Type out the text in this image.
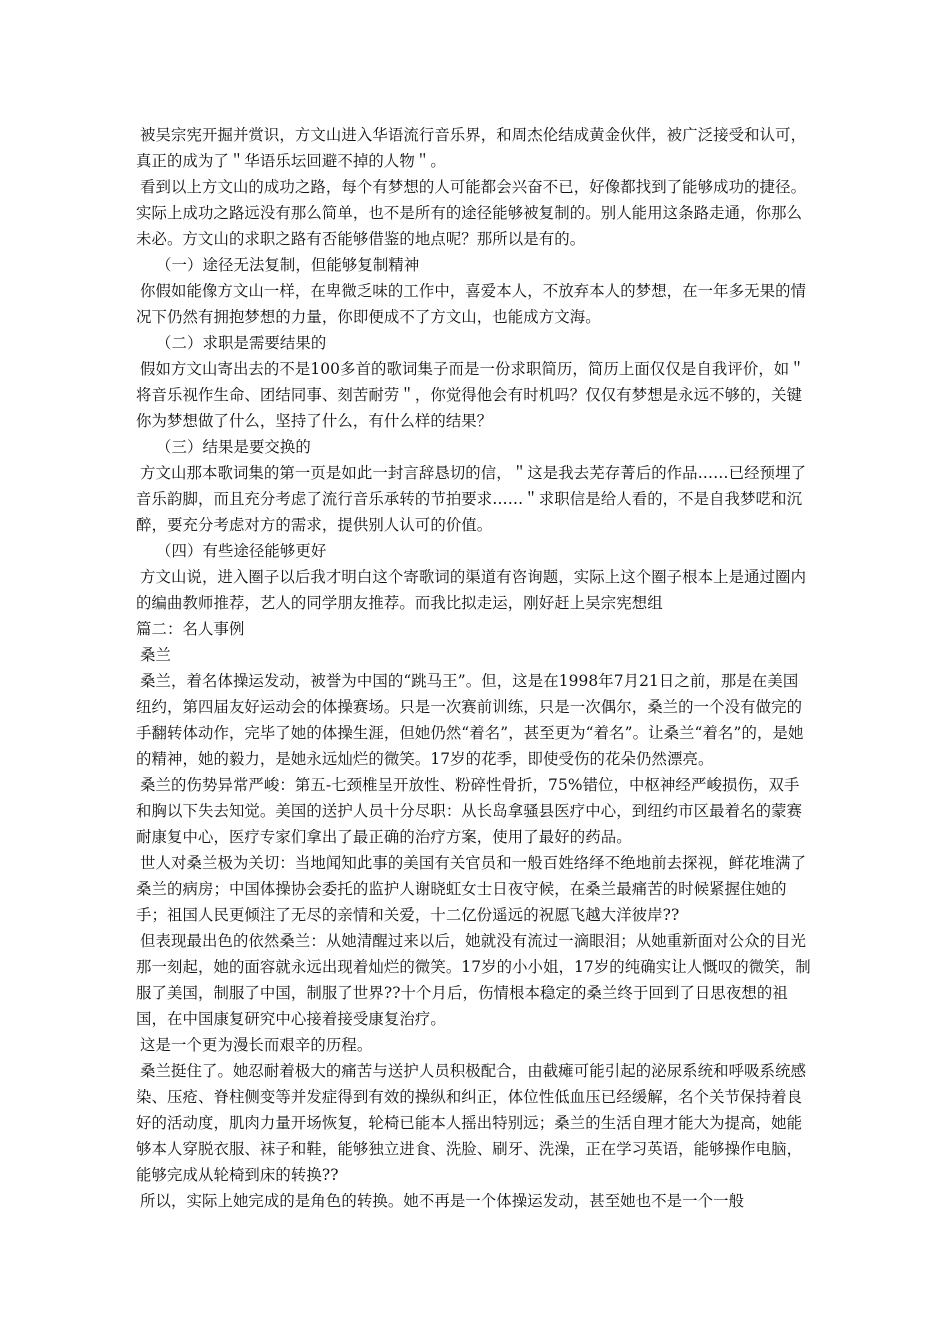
被吴宗宪开掘并赏识，方文山进入华语流行音乐界，和周杰伦结成黄金伙伴，被广泛接受和认可，真正的成为了＂华语乐坛回避不掉的人物＂。

看到以上方文山的成功之路，每个有梦想的人可能都会兴奋不已，好像都找到了能够成功的捷径。实际上成功之路远没有那么简单，也不是所有的途径能够被复制的。别人能用这条路走通，你那么未必。方文山的求职之路有否能够借鉴的地点呢？那所以是有的。

（一）途径无法复制，但能够复制精神

你假如能像方文山一样，在卑微乏味的工作中，喜爱本人，不放弃本人的梦想，在一年多无果的情况下仍然有拥抱梦想的力量，你即便成不了方文山，也能成方文海。

（二）求职是需要结果的

假如方文山寄出去的不是100多首的歌词集子而是一份求职简历，简历上面仅仅是自我评价，如＂将音乐视作生命、团结同事、刻苦耐劳＂，你觉得他会有时机吗？仅仅有梦想是永远不够的，关键你为梦想做了什么，坚持了什么，有什么样的结果？

（三）结果是要交换的

方文山那本歌词集的第一页是如此一封言辞恳切的信，＂这是我去芜存菁后的作品……已经预埋了音乐韵脚，而且充分考虑了流行音乐承转的节拍要求……＂求职信是给人看的，不是自我梦呓和沉醉，要充分考虑对方的需求，提供别人认可的价值。

（四）有些途径能够更好

方文山说，进入圈子以后我才明白这个寄歌词的渠道有咨询题，实际上这个圈子根本上是通过圈内的编曲教师推荐，艺人的同学朋友推荐。而我比拟走运，刚好赶上吴宗宪想组

篇二：名人事例

桑兰

桑兰，着名体操运发动，被誉为中国的“跳马王”。但，这是在1998年7月21日之前，那是在美国纽约，第四届友好运动会的体操赛场。只是一次赛前训练，只是一次偶尔，桑兰的一个没有做完的手翻转体动作，完毕了她的体操生涯，但她仍然“着名”，甚至更为“着名”。让桑兰“着名”的，是她的精神，她的毅力，是她永远灿烂的微笑。17岁的花季，即使受伤的花朵仍然漂亮。

桑兰的伤势异常严峻：第五-七颈椎呈开放性、粉碎性骨折，75%错位，中枢神经严峻损伤，双手和胸以下失去知觉。美国的送护人员十分尽职：从长岛拿骚县医疗中心，到纽约市区最着名的蒙赛耐康复中心，医疗专家们拿出了最正确的治疗方案，使用了最好的药品。

世人对桑兰极为关切：当地闻知此事的美国有关官员和一般百姓络绎不绝地前去探视，鲜花堆满了桑兰的病房；中国体操协会委托的监护人谢晓虹女士日夜守候，在桑兰最痛苦的时候紧握住她的手；祖国人民更倾注了无尽的亲情和关爱，十二亿份遥远的祝愿飞越大洋彼岸??

但表现最出色的依然桑兰：从她清醒过来以后，她就没有流过一滴眼泪；从她重新面对公众的目光那一刻起，她的面容就永远出现着灿烂的微笑。17岁的小小姐，17岁的纯确实让人慨叹的微笑，制服了美国，制服了中国，制服了世界??十个月后，伤情根本稳定的桑兰终于回到了日思夜想的祖国，在中国康复研究中心接着接受康复治疗。

这是一个更为漫长而艰辛的历程。

桑兰挺住了。她忍耐着极大的痛苦与送护人员积极配合，由截瘫可能引起的泌尿系统和呼吸系统感染、压疮、脊柱侧变等并发症得到有效的操纵和纠正，体位性低血压已经缓解，名个关节保持着良好的活动度，肌肉力量开场恢复，轮椅已能本人摇出特别远；桑兰的生活自理才能大为提高，她能够本人穿脱衣服、袜子和鞋，能够独立进食、洗脸、刷牙、洗澡，正在学习英语，能够操作电脑，能够完成从轮椅到床的转换??

所以，实际上她完成的是角色的转换。她不再是一个体操运发动，甚至她也不是一个一般
